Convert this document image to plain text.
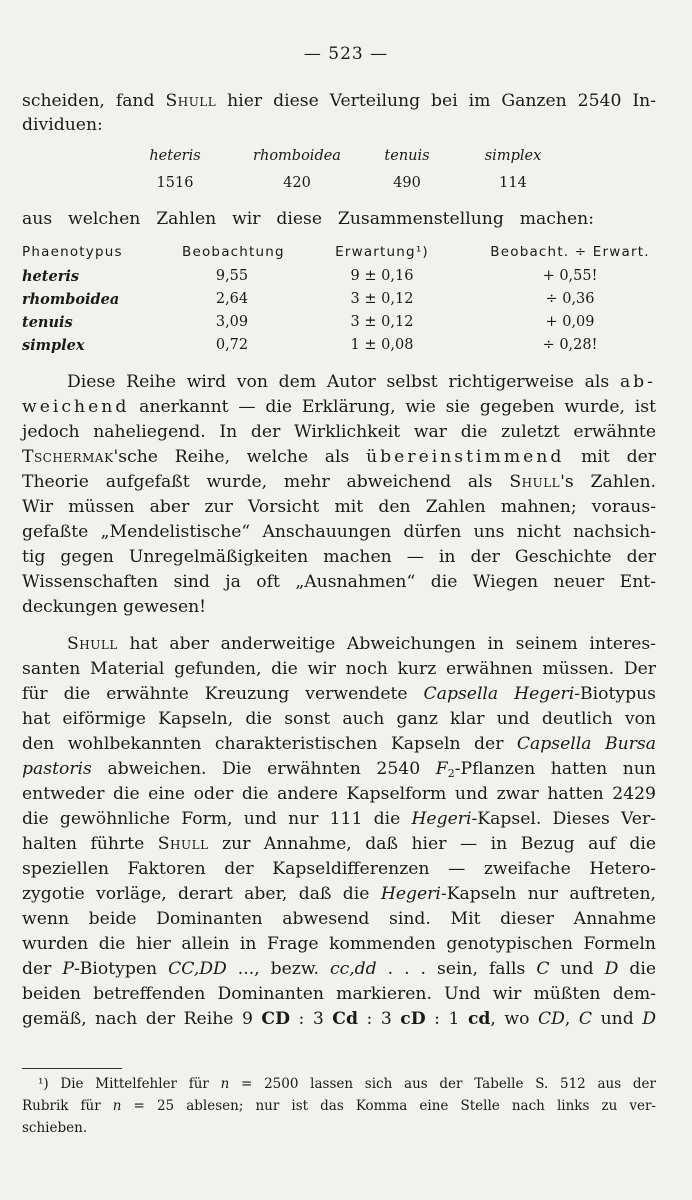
— 523 —
scheiden, fand Shull hier diese Verteilung bei im Ganzen 2540 In-
dividuen:
heteris	rhomboidea	tenuis	simplex
1516	420	490	114
aus welchen Zahlen wir diese Zusammenstellung machen:
Phaenotypus	Beobachtung	Erwartung¹)	Beobacht. ÷ Erwart.
heteris	9,55	9 ± 0,16	+ 0,55!
rhomboidea	2,64	3 ± 0,12	÷ 0,36
tenuis	3,09	3 ± 0,12	+ 0,09
simplex	0,72	1 ± 0,08	÷ 0,28!
Diese Reihe wird von dem Autor selbst richtigerweise als ab-
weichend anerkannt — die Erklärung, wie sie gegeben wurde, ist
jedoch naheliegend. In der Wirklichkeit war die zuletzt erwähnte
Tschermak'sche Reihe, welche als übereinstimmend mit der
Theorie aufgefaßt wurde, mehr abweichend als Shull's Zahlen.
Wir müssen aber zur Vorsicht mit den Zahlen mahnen; voraus-
gefaßte „Mendelistische“ Anschauungen dürfen uns nicht nachsich-
tig gegen Unregelmäßigkeiten machen — in der Geschichte der
Wissenschaften sind ja oft „Ausnahmen“ die Wiegen neuer Ent-
deckungen gewesen!
Shull hat aber anderweitige Abweichungen in seinem interes-
santen Material gefunden, die wir noch kurz erwähnen müssen. Der
für die erwähnte Kreuzung verwendete Capsella Hegeri-Biotypus
hat eiförmige Kapseln, die sonst auch ganz klar und deutlich von
den wohlbekannten charakteristischen Kapseln der Capsella Bursa
pastoris abweichen. Die erwähnten 2540 $F_2$-Pflanzen hatten nun
entweder die eine oder die andere Kapselform und zwar hatten 2429
die gewöhnliche Form, und nur 111 die Hegeri-Kapsel. Dieses Ver-
halten führte Shull zur Annahme, daß hier — in Bezug auf die
speziellen Faktoren der Kapseldifferenzen — zweifache Hetero-
zygotie vorläge, derart aber, daß die Hegeri-Kapseln nur auftreten,
wenn beide Dominanten abwesend sind. Mit dieser Annahme
wurden die hier allein in Frage kommenden genotypischen Formeln
der P-Biotypen CC,DD ..., bezw. cc,dd . . . sein, falls C und D die
beiden betreffenden Dominanten markieren. Und wir müßten dem-
gemäß, nach der Reihe 9 CD : 3 Cd : 3 cD : 1 cd, wo CD, C und D
¹) Die Mittelfehler für n = 2500 lassen sich aus der Tabelle S. 512 aus der
Rubrik für n = 25 ablesen; nur ist das Komma eine Stelle nach links zu ver-
schieben.
